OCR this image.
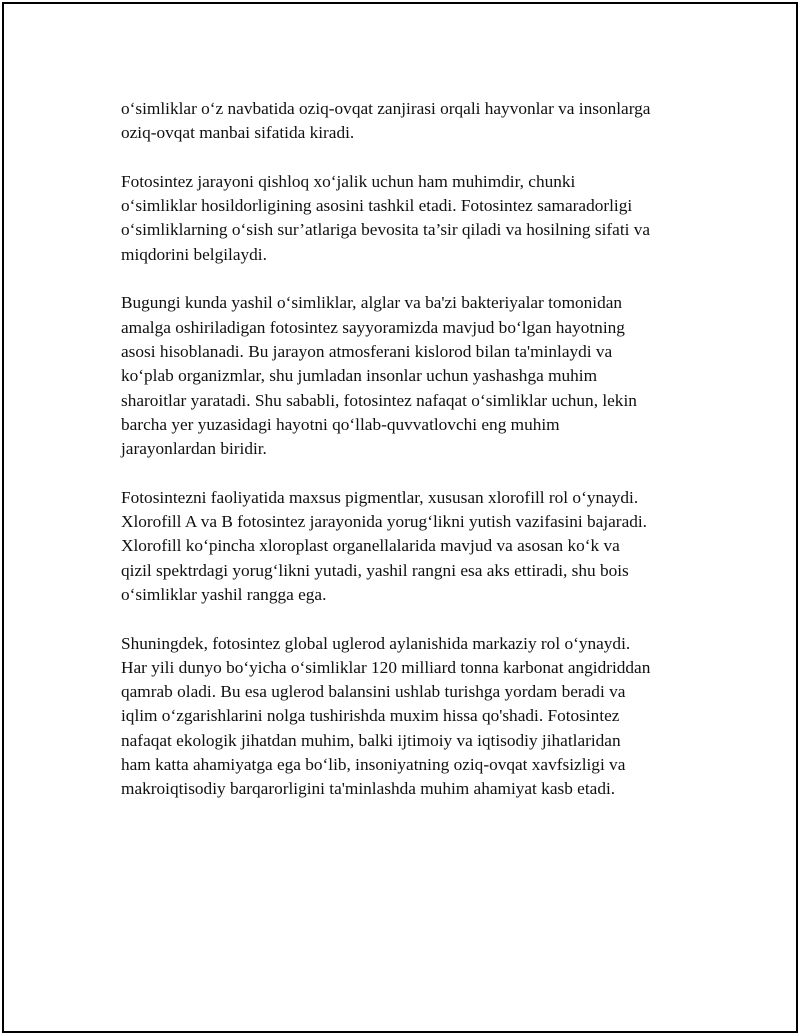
o‘simliklar o‘z navbatida oziq-ovqat zanjirasi orqali hayvonlar va insonlarga
oziq-ovqat manbai sifatida kiradi.

Fotosintez jarayoni qishloq xo‘jalik uchun ham muhimdir, chunki
o‘simliklar hosildorligining asosini tashkil etadi. Fotosintez samaradorligi
o‘simliklarning o‘sish sur’atlariga bevosita ta’sir qiladi va hosilning sifati va
miqdorini belgilaydi.

Bugungi kunda yashil o‘simliklar, alglar va ba'zi bakteriyalar tomonidan
amalga oshiriladigan fotosintez sayyoramizda mavjud bo‘lgan hayotning
asosi hisoblanadi. Bu jarayon atmosferani kislorod bilan ta'minlaydi va
ko‘plab organizmlar, shu jumladan insonlar uchun yashashga muhim
sharoitlar yaratadi. Shu sababli, fotosintez nafaqat o‘simliklar uchun, lekin
barcha yer yuzasidagi hayotni qo‘llab-quvvatlovchi eng muhim
jarayonlardan biridir.

Fotosintezni faoliyatida maxsus pigmentlar, xususan xlorofill rol o‘ynaydi.
Xlorofill A va B fotosintez jarayonida yorug‘likni yutish vazifasini bajaradi.
Xlorofill ko‘pincha xloroplast organellalarida mavjud va asosan ko‘k va
qizil spektrdagi yorug‘likni yutadi, yashil rangni esa aks ettiradi, shu bois
o‘simliklar yashil rangga ega.

Shuningdek, fotosintez global uglerod aylanishida markaziy rol o‘ynaydi.
Har yili dunyo bo‘yicha o‘simliklar 120 milliard tonna karbonat angidriddan
qamrab oladi. Bu esa uglerod balansini ushlab turishga yordam beradi va
iqlim o‘zgarishlarini nolga tushirishda muxim hissa qo'shadi. Fotosintez
nafaqat ekologik jihatdan muhim, balki ijtimoiy va iqtisodiy jihatlaridan
ham katta ahamiyatga ega bo‘lib, insoniyatning oziq-ovqat xavfsizligi va
makroiqtisodiy barqarorligini ta'minlashda muhim ahamiyat kasb etadi.
